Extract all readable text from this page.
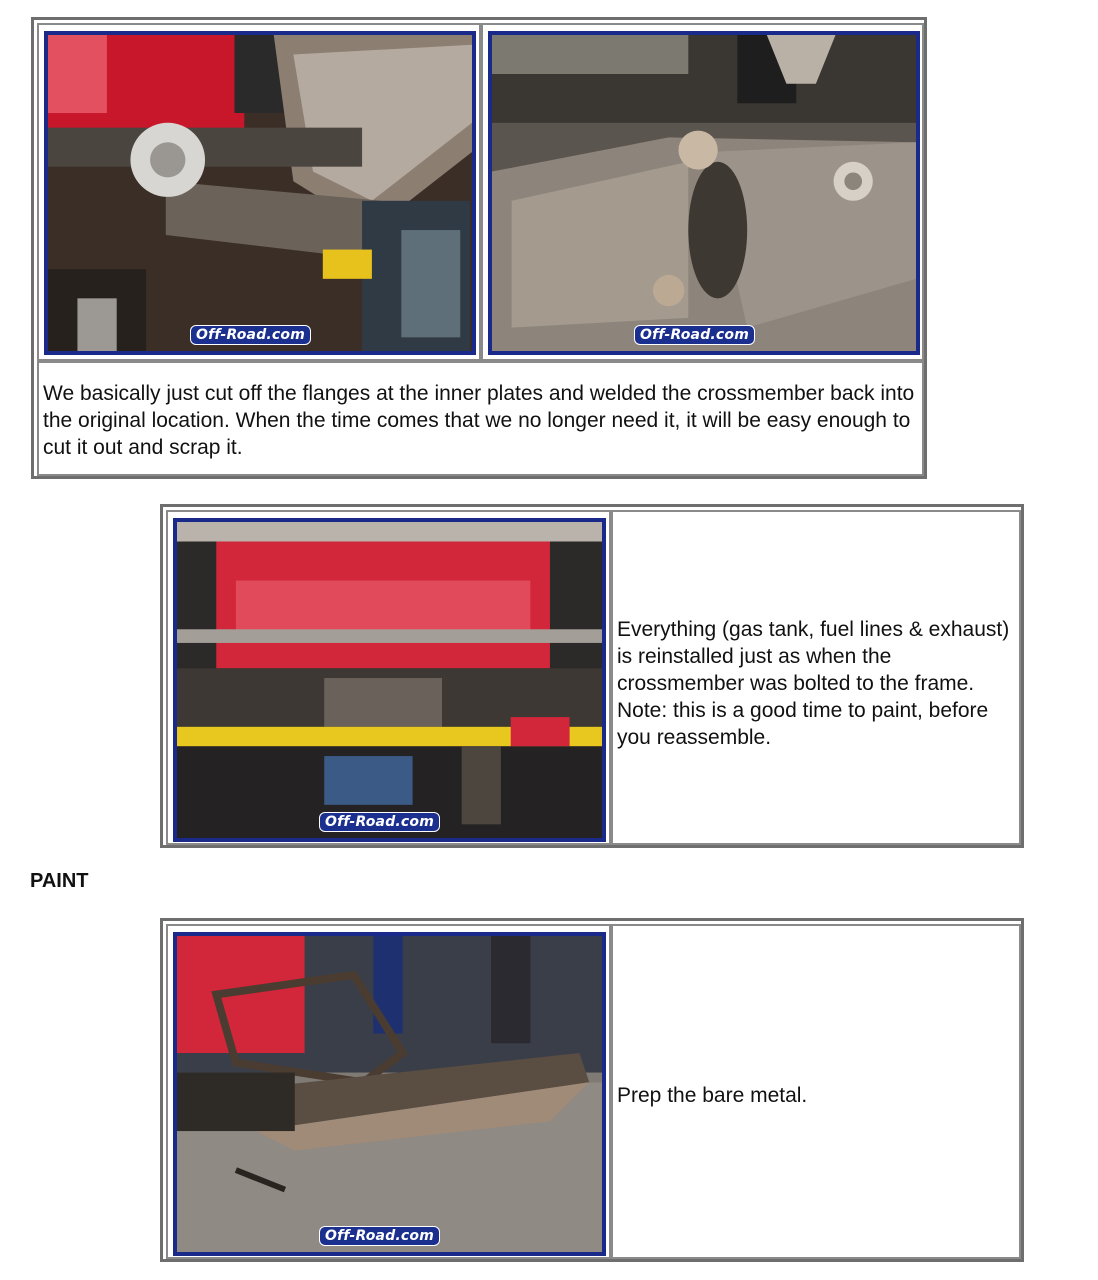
Off-Road.com	Off-Road.com
We basically just cut off the flanges at the inner plates and welded the crossmember back into the original location. When the time comes that we no longer need it, it will be easy enough to cut it out and scrap it.
Off-Road.com
Everything (gas tank, fuel lines & exhaust) is reinstalled just as when the crossmember was bolted to the frame. Note: this is a good time to paint, before you reassemble.
PAINT
Off-Road.com
Prep the bare metal.
